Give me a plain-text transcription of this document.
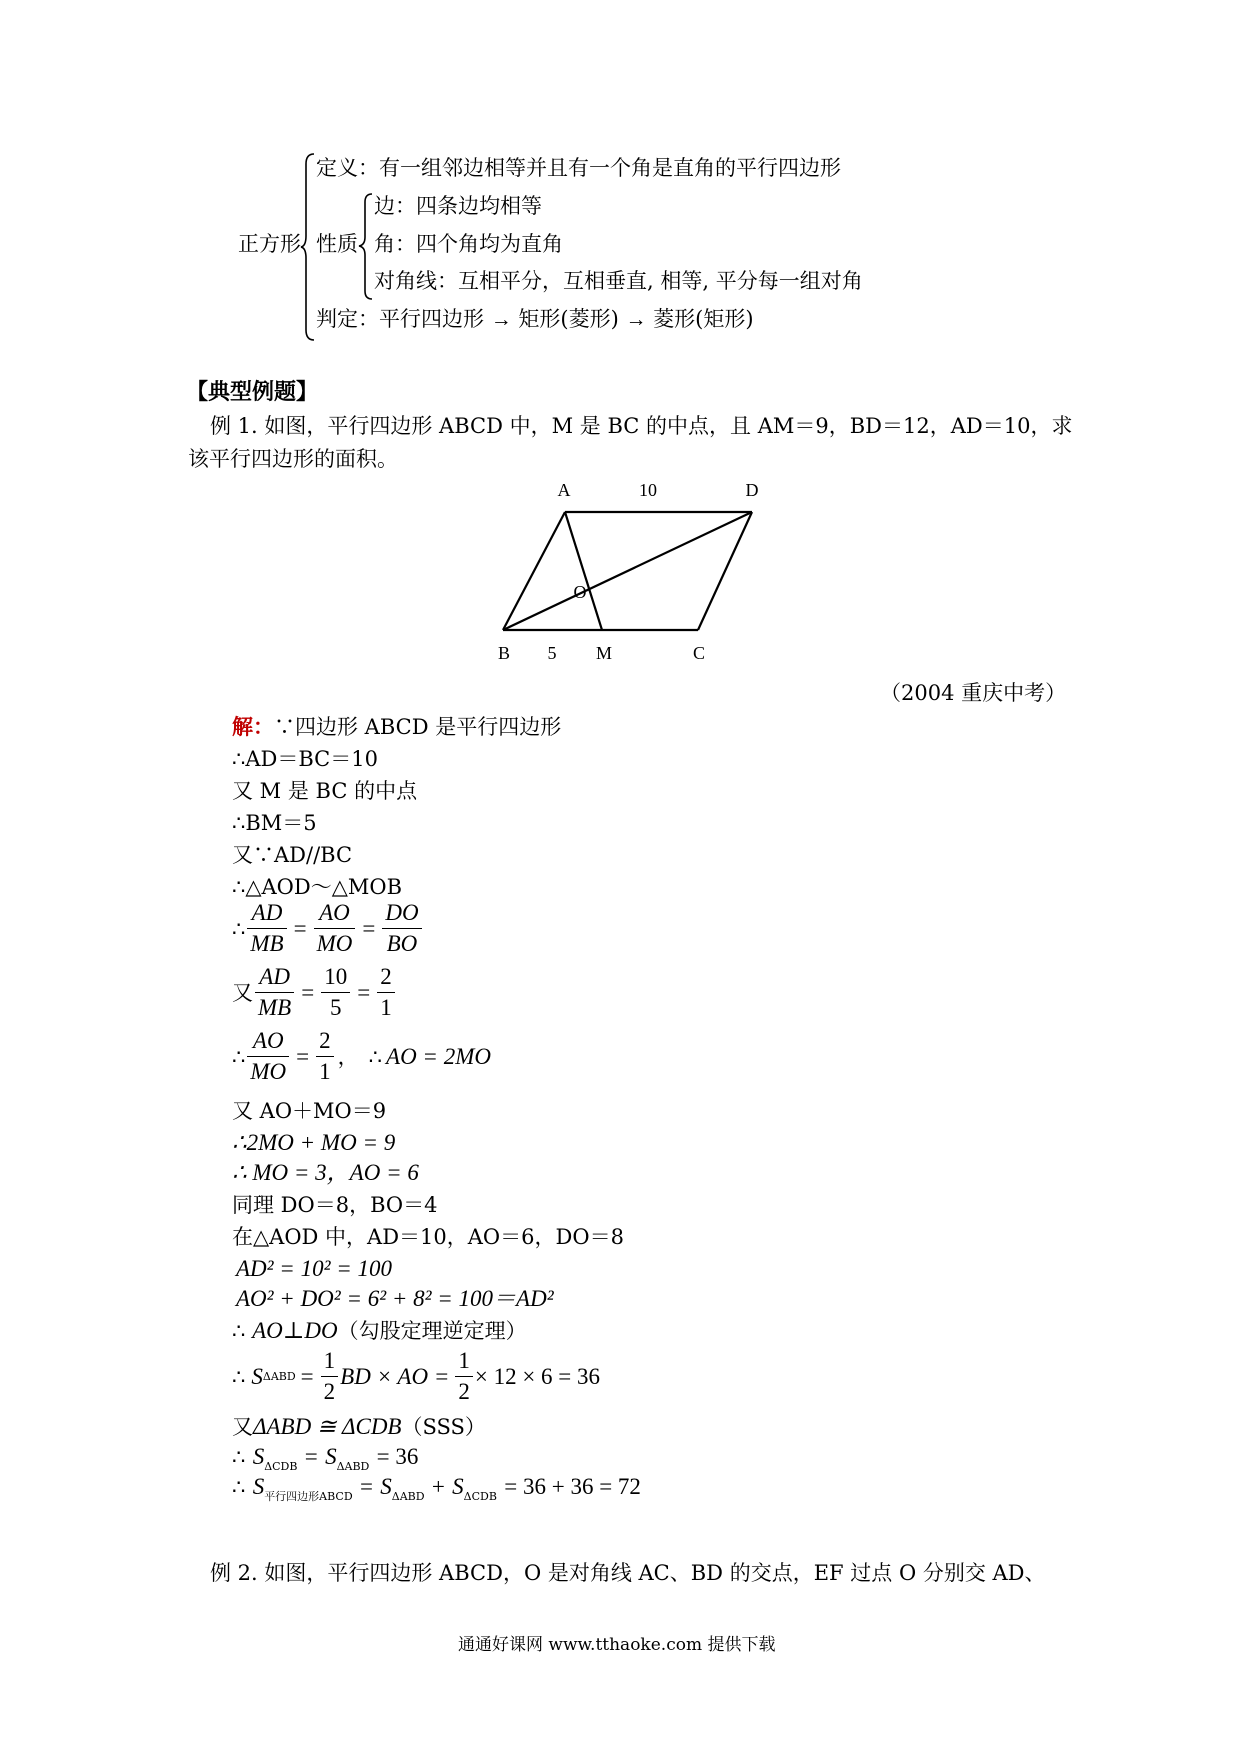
正方形
定义：有一组邻边相等并且有一个角是直角的平行四边形
性质
边：四条边均相等
角：四个角均为直角
对角线：互相平分，互相垂直, 相等, 平分每一组对角
判定：平行四边形 → 矩形(菱形) → 菱形(矩形)
【典型例题】
例 1. 如图，平行四边形 ABCD 中，M 是 BC 的中点，且 AM＝9，BD＝12，AD＝10，求
该平行四边形的面积。
A	10	D
O
B 5 M	C
（2004 重庆中考）
解：∵四边形 ABCD 是平行四边形
∴AD＝BC＝10
又 M 是 BC 的中点
∴BM＝5
又∵AD//BC
∴△AOD～△MOB
∴ $\frac{AD}{MB} = \frac{AO}{MO} = \frac{DO}{BO}$
又 $\frac{AD}{MB} = \frac{10}{5} = \frac{2}{1}$
∴ $\frac{AO}{MO} = \frac{2}{1}$ ， ∴ AO = 2MO
又 AO＋MO＝9
∴2MO + MO = 9
∴ MO = 3，AO = 6
同理 DO＝8，BO＝4
在△AOD 中，AD＝10，AO＝6，DO＝8
AD² = 10² = 100
AO² + DO² = 6² + 8² = 100＝AD²
∴ AO⊥DO（勾股定理逆定理）
∴ S $\Delta ABD = \frac{1}{2}$ BD × AO = $\frac{1}{2} \times 12 \times 6 = 36$
又ΔABD ≅ ΔCDB（SSS）
∴ $S_{\Delta CDB} = S_{\Delta ABD} = 36$
∴ $S_{平行四边形ABCD} = S_{\Delta ABD} + S_{\Delta CDB} = 36 + 36 = 72$
例 2. 如图，平行四边形 ABCD，O 是对角线 AC、BD 的交点，EF 过点 O 分别交 AD、
通通好课网 www.tthaoke.com 提供下载
